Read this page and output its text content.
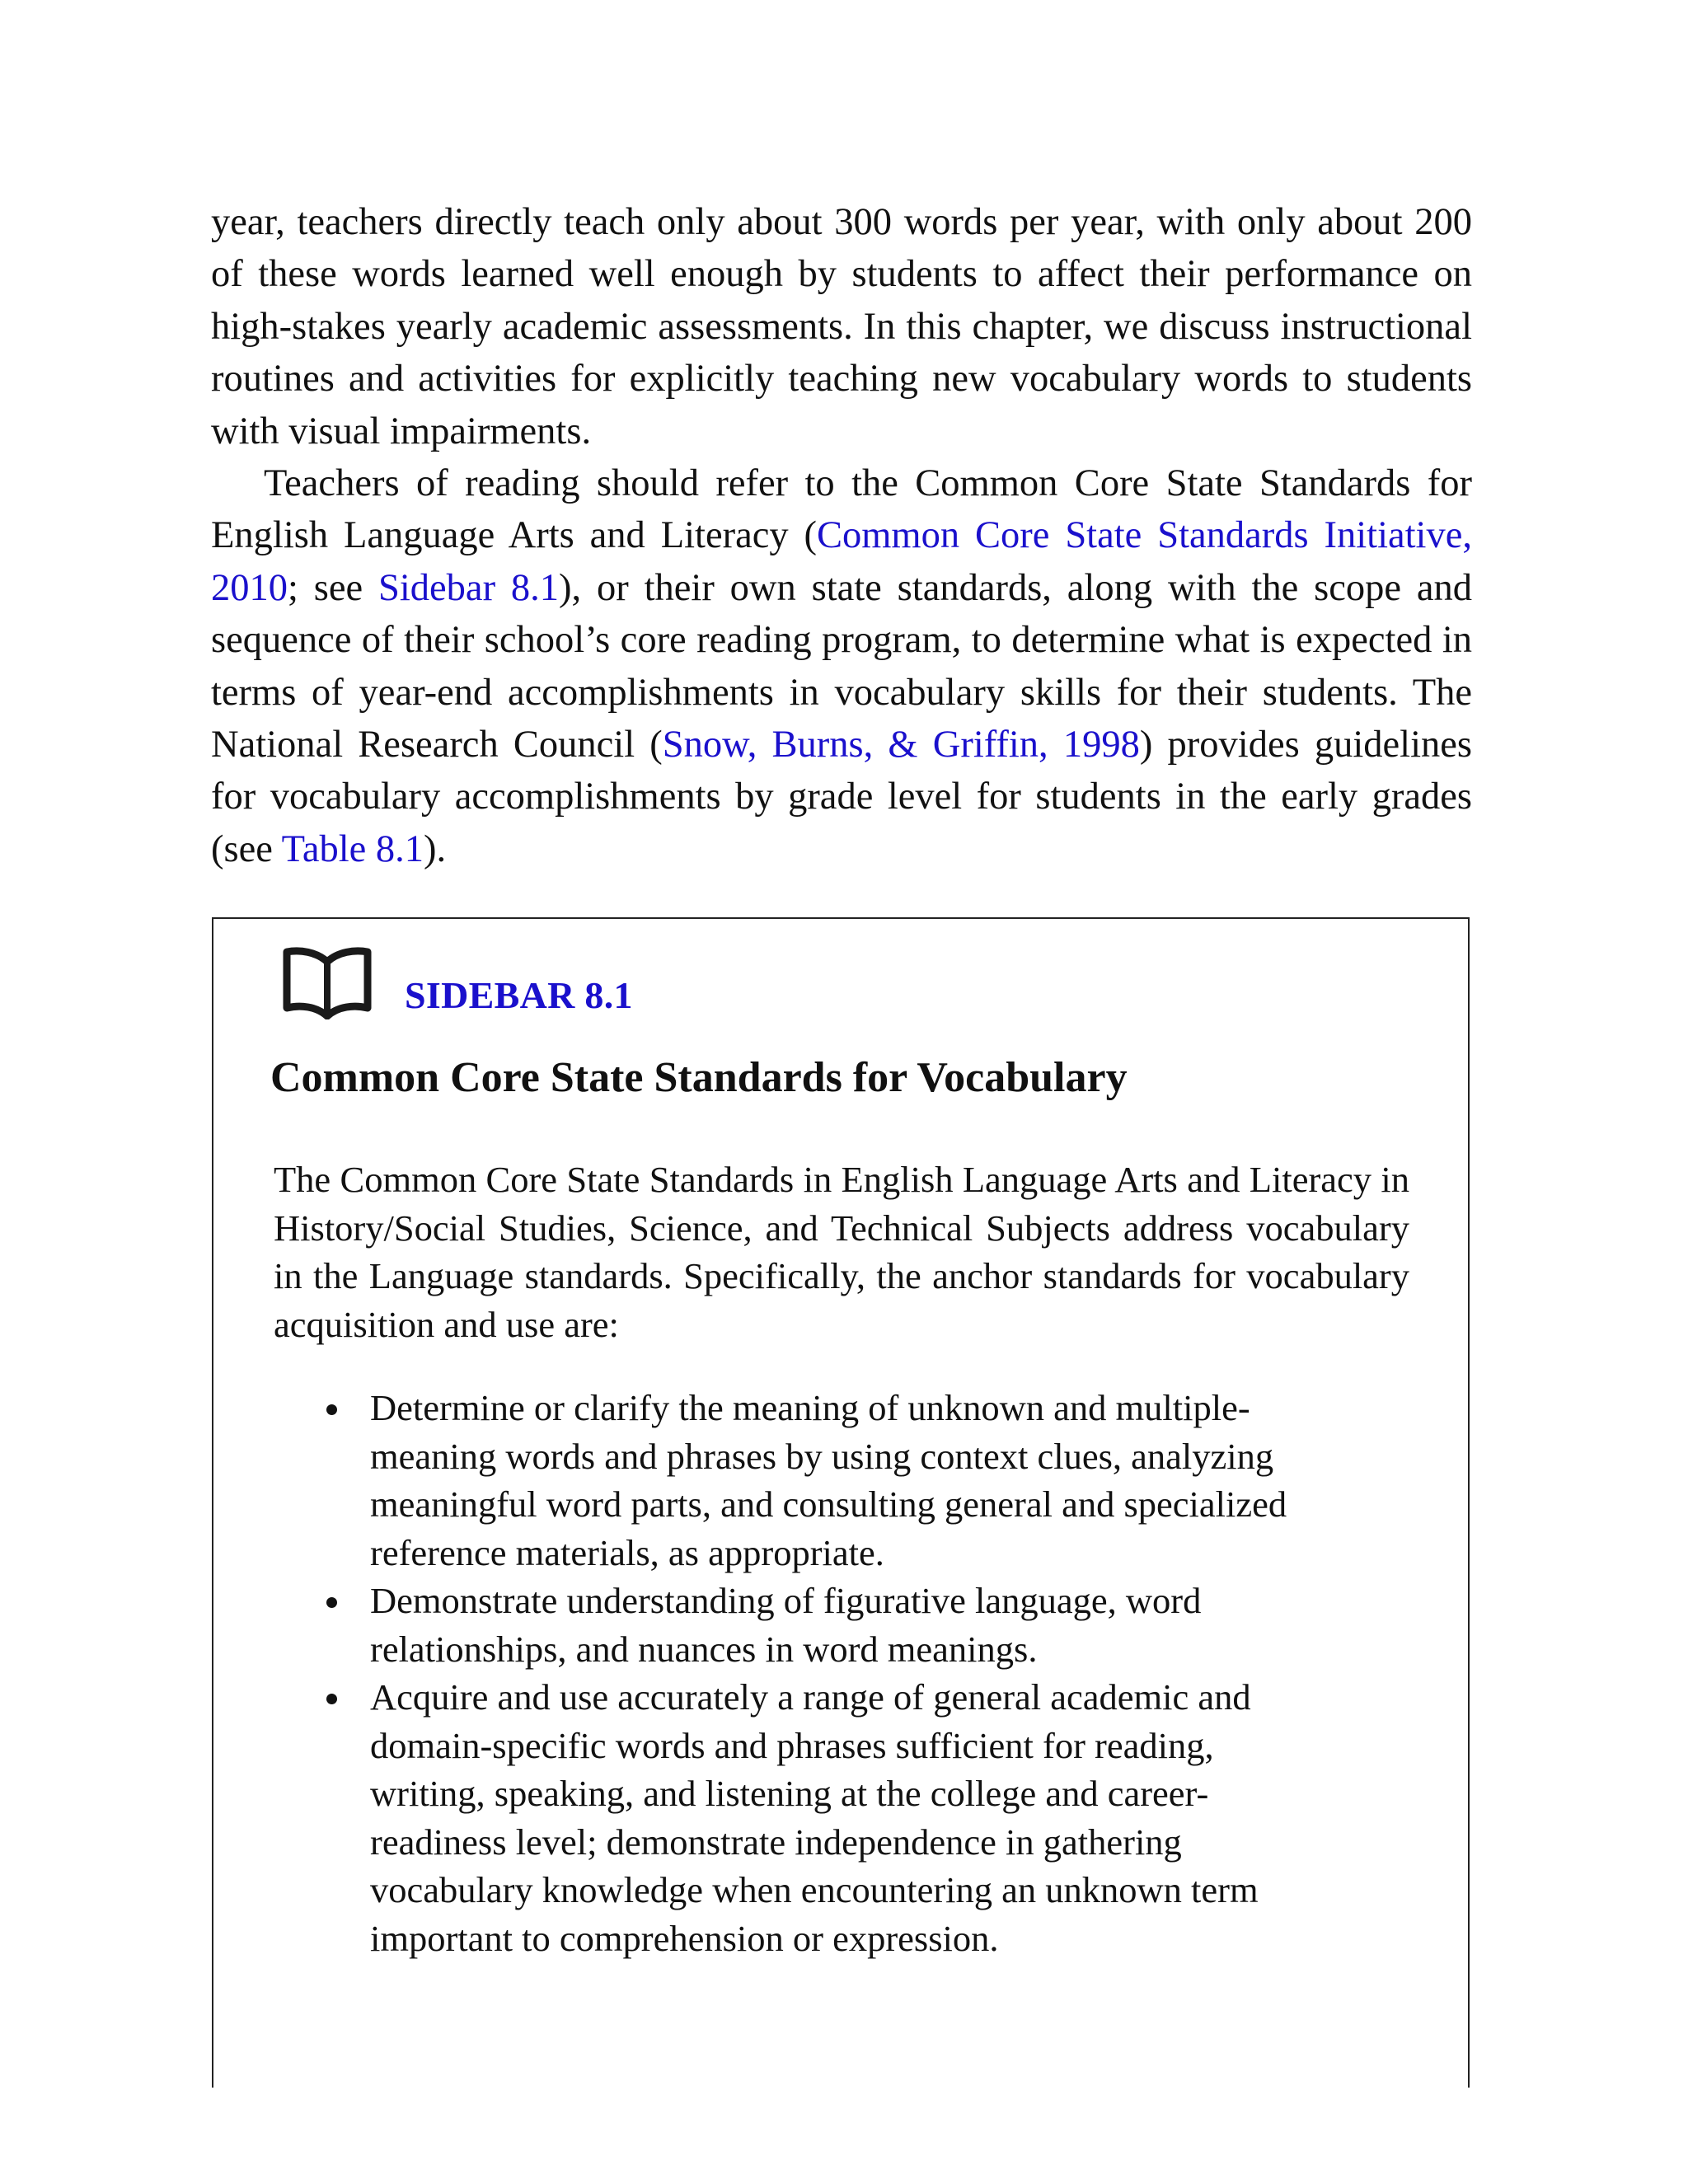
year, teachers directly teach only about 300 words per year, with only about 200 of these words learned well enough by students to affect their performance on high-stakes yearly academic assessments. In this chapter, we discuss instructional routines and activities for explicitly teaching new vocabulary words to students with visual impairments.

Teachers of reading should refer to the Common Core State Standards for English Language Arts and Literacy (Common Core State Standards Initiative, 2010; see Sidebar 8.1), or their own state standards, along with the scope and sequence of their school’s core reading program, to determine what is expected in terms of year-end accomplishments in vocabulary skills for their students. The National Research Council (Snow, Burns, & Griffin, 1998) provides guidelines for vocabulary accomplishments by grade level for students in the early grades (see Table 8.1).

SIDEBAR 8.1
Common Core State Standards for Vocabulary

The Common Core State Standards in English Language Arts and Literacy in History/Social Studies, Science, and Technical Subjects address vocabulary in the Language standards. Specifically, the anchor standards for vocabulary acquisition and use are:

Determine or clarify the meaning of unknown and multiple-
meaning words and phrases by using context clues, analyzing
meaningful word parts, and consulting general and specialized
reference materials, as appropriate.
Demonstrate understanding of figurative language, word
relationships, and nuances in word meanings.
Acquire and use accurately a range of general academic and
domain-specific words and phrases sufficient for reading,
writing, speaking, and listening at the college and career-
readiness level; demonstrate independence in gathering
vocabulary knowledge when encountering an unknown term
important to comprehension or expression.
